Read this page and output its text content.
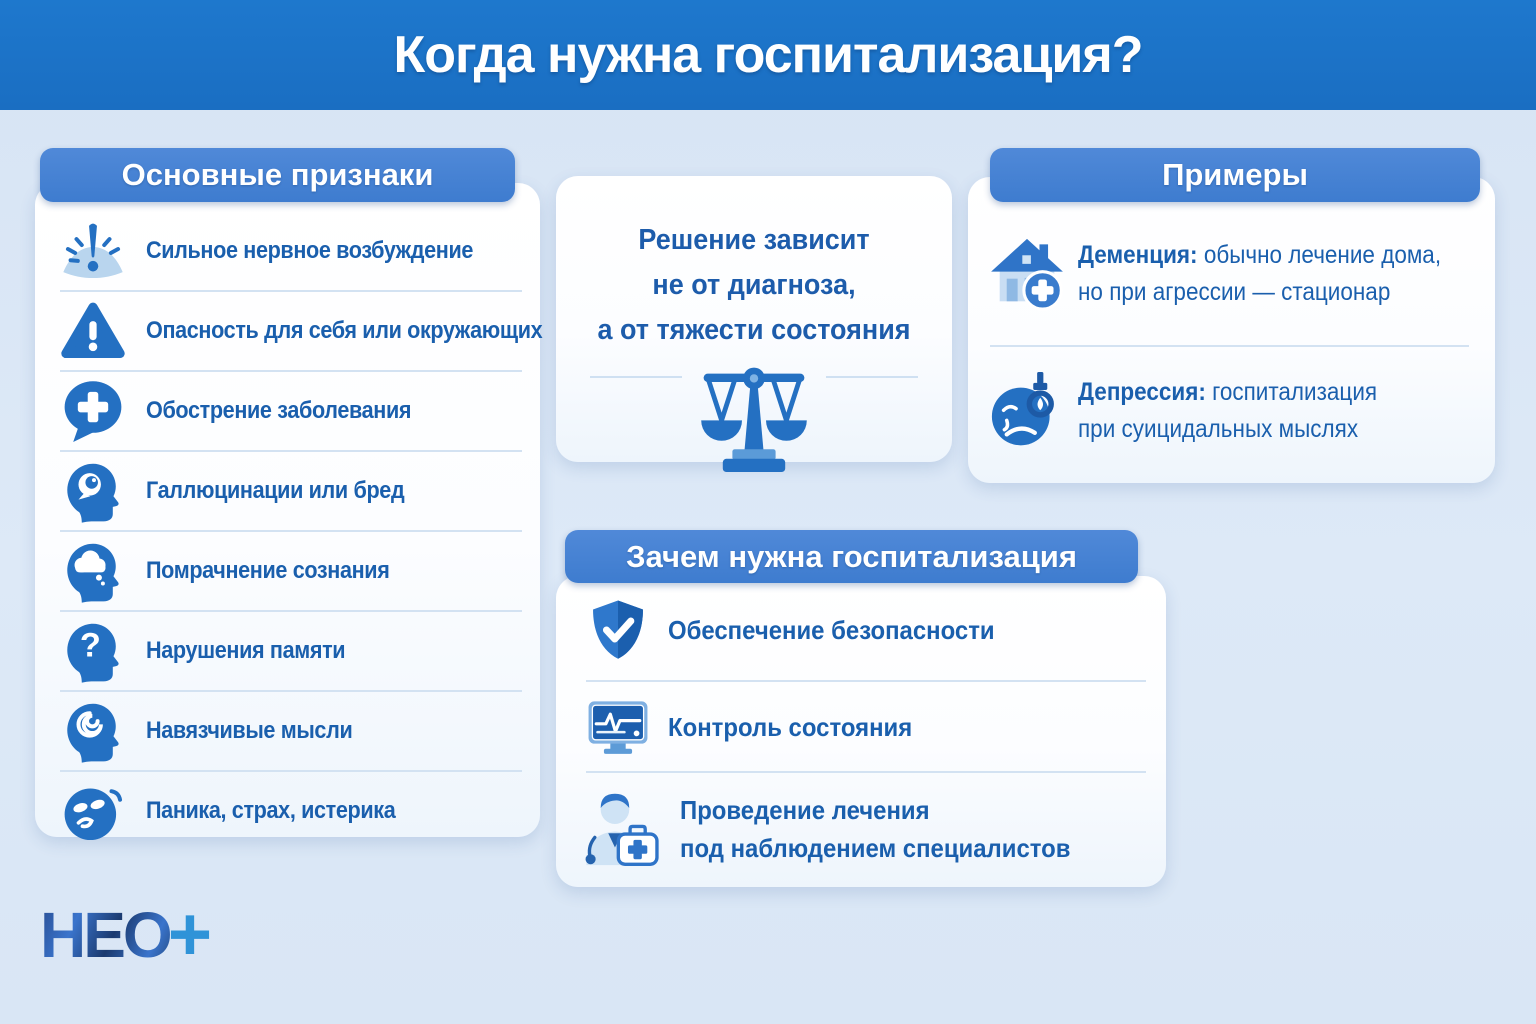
Когда нужна госпитализация?
Основные признаки
Сильное нервное возбуждение
Опасность для себя или окружающих
Обострение заболевания
Галлюцинации или бред
Помрачнение сознания
? Нарушения памяти
Навязчивые мысли
Паника, страх, истерика
Решение зависит
не от диагноза,
а от тяжести состояния
Примеры
Деменция: обычно лечение дома,
но при агрессии — стационар
Депрессия: госпитализация
при суицидальных мыслях
Зачем нужна госпитализация
Обеспечение безопасности
Контроль состояния
Проведение лечения
под наблюдением специалистов
НЕО
+
